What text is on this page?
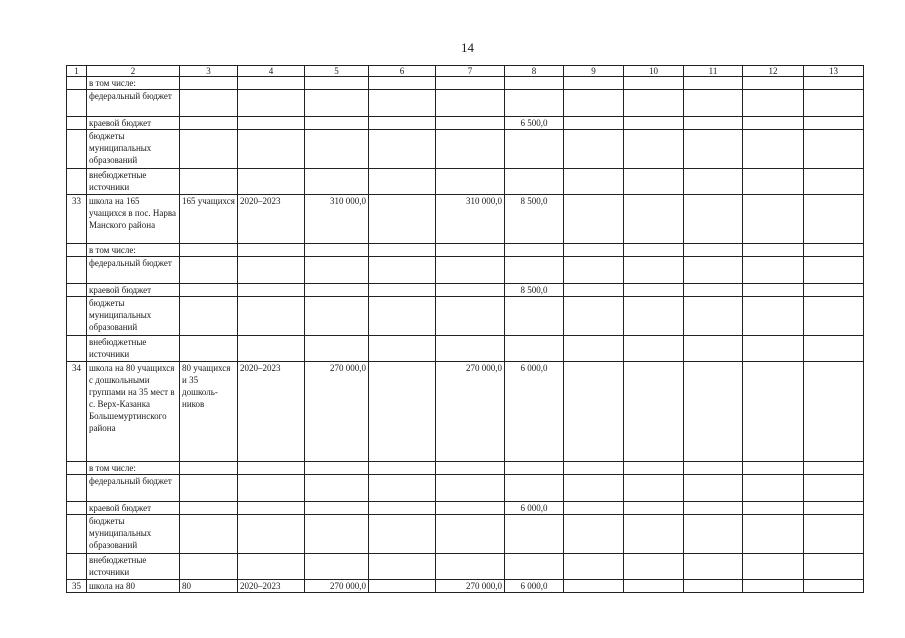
14
1	2	3	4	5	6	7	8	9	10	11	12	13
	в том числе:											
	федеральный бюджет											
	краевой бюджет						6 500,0					
	бюджеты муниципальных образований											
	внебюджетные источники											
33	школа на 165 учащихся в пос. Нарва Манского района	165 учащихся	2020–2023	310 000,0		310 000,0	8 500,0					
	в том числе:											
	федеральный бюджет											
	краевой бюджет						8 500,0					
	бюджеты муниципальных образований											
	внебюджетные источники											
34	школа на 80 учащихся с дошкольными группами на 35 мест в с. Верх-Казанка Большемуртинского района	80 учащихся и 35 дошколь-ников	2020–2023	270 000,0		270 000,0	6 000,0					
	в том числе:											
	федеральный бюджет											
	краевой бюджет						6 000,0					
	бюджеты муниципальных образований											
	внебюджетные источники											
35	школа на 80	80	2020–2023	270 000,0		270 000,0	6 000,0					
